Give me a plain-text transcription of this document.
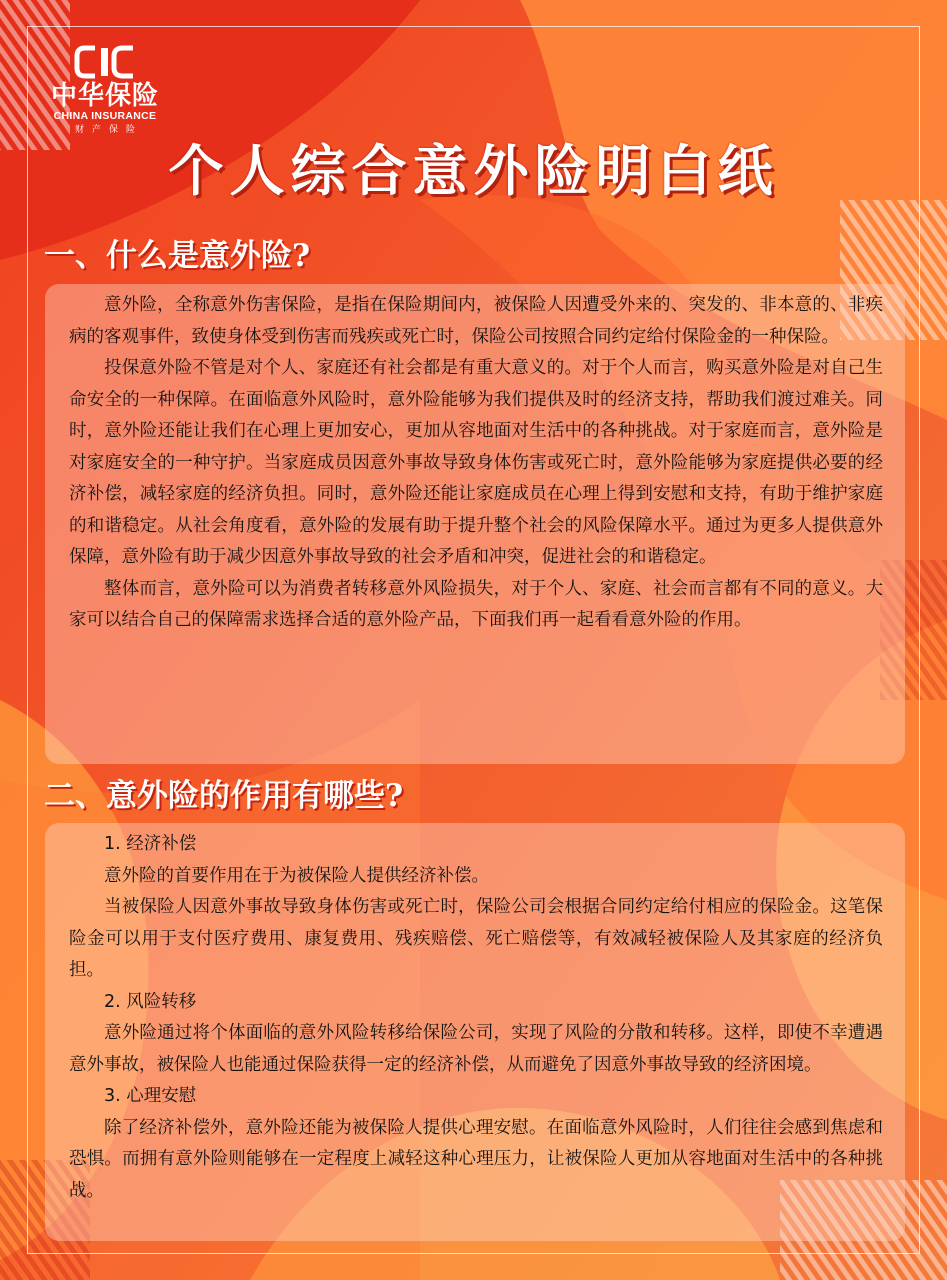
中华保险
CHINA INSURANCE
财产保险
个人综合意外险明白纸
一、什么是意外险?

意外险，全称意外伤害保险，是指在保险期间内，被保险人因遭受外来的、突发的、非本意的、非疾病的客观事件，致使身体受到伤害而残疾或死亡时，保险公司按照合同约定给付保险金的一种保险。

投保意外险不管是对个人、家庭还有社会都是有重大意义的。对于个人而言，购买意外险是对自己生命安全的一种保障。在面临意外风险时，意外险能够为我们提供及时的经济支持，帮助我们渡过难关。同时，意外险还能让我们在心理上更加安心，更加从容地面对生活中的各种挑战。对于家庭而言，意外险是对家庭安全的一种守护。当家庭成员因意外事故导致身体伤害或死亡时，意外险能够为家庭提供必要的经济补偿，减轻家庭的经济负担。同时，意外险还能让家庭成员在心理上得到安慰和支持，有助于维护家庭的和谐稳定。从社会角度看，意外险的发展有助于提升整个社会的风险保障水平。通过为更多人提供意外保障，意外险有助于减少因意外事故导致的社会矛盾和冲突，促进社会的和谐稳定。

整体而言，意外险可以为消费者转移意外风险损失，对于个人、家庭、社会而言都有不同的意义。大家可以结合自己的保障需求选择合适的意外险产品，下面我们再一起看看意外险的作用。

二、意外险的作用有哪些?

1. 经济补偿

意外险的首要作用在于为被保险人提供经济补偿。

当被保险人因意外事故导致身体伤害或死亡时，保险公司会根据合同约定给付相应的保险金。这笔保险金可以用于支付医疗费用、康复费用、残疾赔偿、死亡赔偿等，有效减轻被保险人及其家庭的经济负担。

2. 风险转移

意外险通过将个体面临的意外风险转移给保险公司，实现了风险的分散和转移。这样，即使不幸遭遇意外事故，被保险人也能通过保险获得一定的经济补偿，从而避免了因意外事故导致的经济困境。

3. 心理安慰

除了经济补偿外，意外险还能为被保险人提供心理安慰。在面临意外风险时，人们往往会感到焦虑和恐惧。而拥有意外险则能够在一定程度上减轻这种心理压力，让被保险人更加从容地面对生活中的各种挑战。
